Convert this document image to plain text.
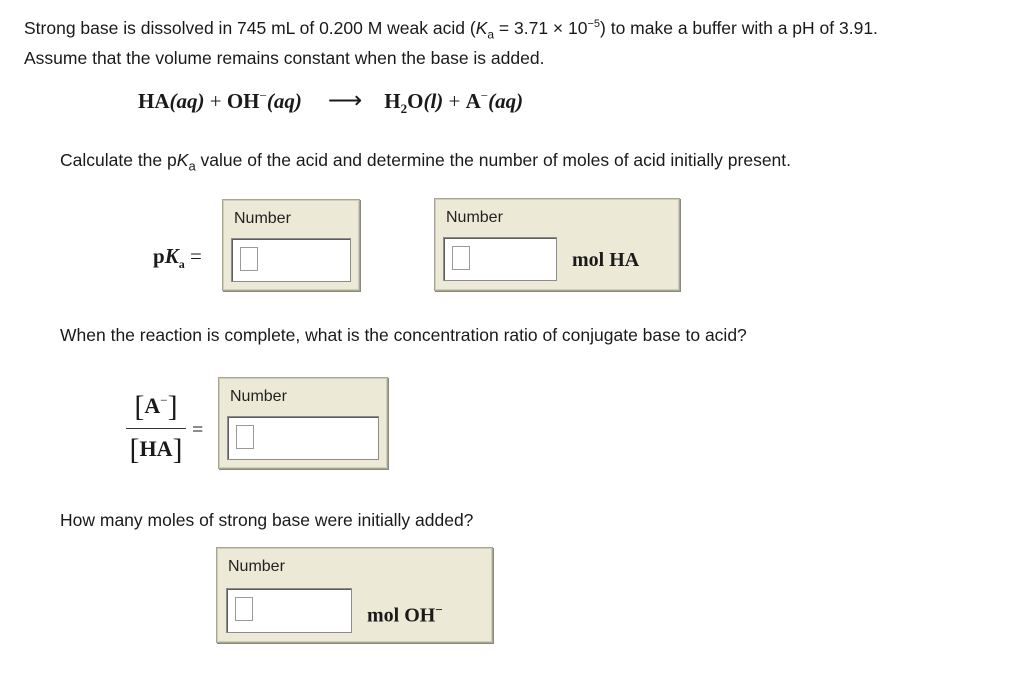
Strong base is dissolved in 745 mL of 0.200 M weak acid $(K_a = 3.71 \times 10^{-5})$ to make a buffer with a pH of 3.91.
Assume that the volume remains constant when the base is added.
HA(aq) + OH−(aq) ⟶ $H_2O(l) + A^-(aq)$
Calculate the $pK_a$ value of the acid and determine the number of moles of acid initially present.
$pK_a$ =
Number	Number
mol HA
When the reaction is complete, what is the concentration ratio of conjugate base to acid?
[A−]
[HA]
=
Number
How many moles of strong base were initially added?
Number
mol OH−
